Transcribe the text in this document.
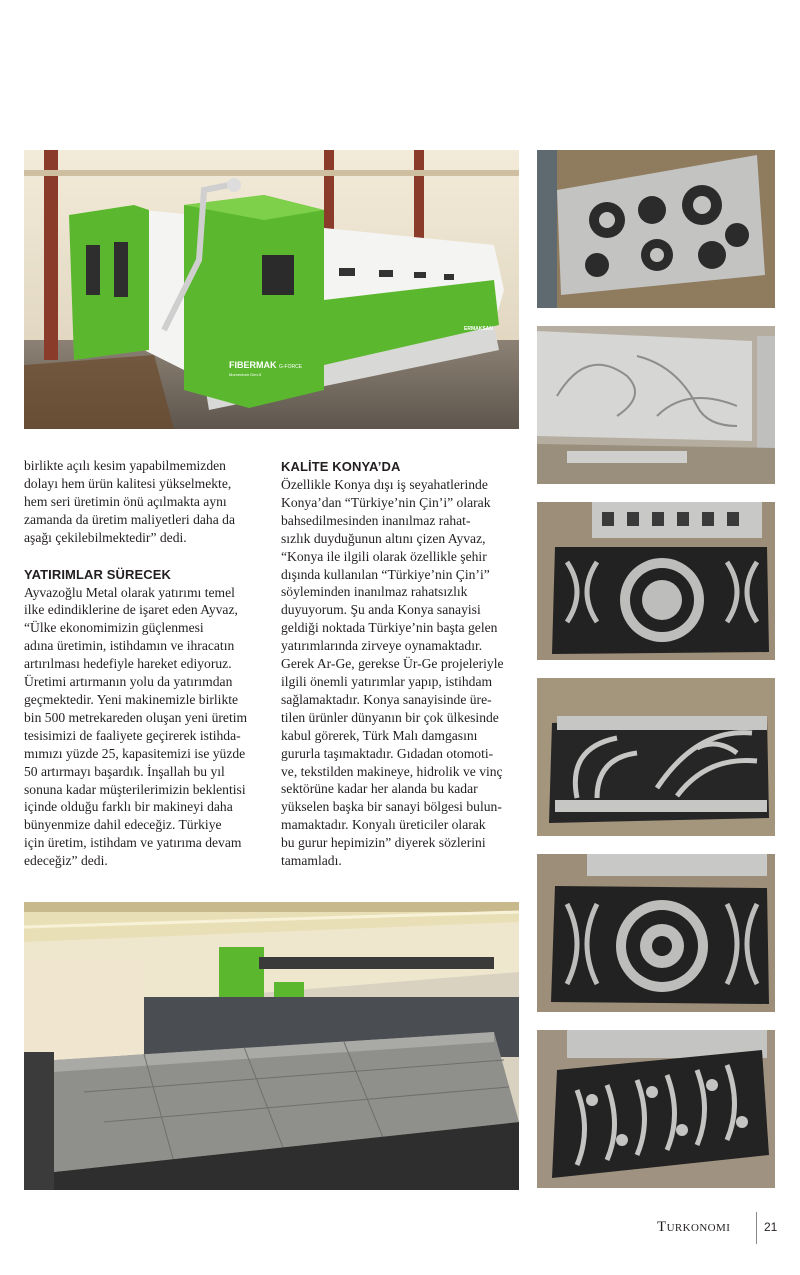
FIBERMAK
Momentum Gen-5
G-FORCE
ERMAKSAN

birlikte açılı kesim yapabilmemizden

dolayı hem ürün kalitesi yükselmekte,

hem seri üretimin önü açılmakta aynı

zamanda da üretim maliyetleri daha da

aşağı çekilebilmektedir” dedi.

YATIRIMLAR SÜRECEK

Ayvazoğlu Metal olarak yatırımı temel

ilke edindiklerine de işaret eden Ayvaz,

“Ülke ekonomimizin güçlenmesi

adına üretimin, istihdamın ve ihracatın

artırılması hedefiyle hareket ediyoruz.

Üretimi artırmanın yolu da yatırımdan

geçmektedir. Yeni makinemizle birlikte

bin 500 metrekareden oluşan yeni üretim

tesisimizi de faaliyete geçirerek istihda-

mımızı yüzde 25, kapasitemizi ise yüzde

50 artırmayı başardık. İnşallah bu yıl

sonuna kadar müşterilerimizin beklentisi

içinde olduğu farklı bir makineyi daha

bünyenmize dahil edeceğiz. Türkiye

için üretim, istihdam ve yatırıma devam

edeceğiz” dedi.

KALİTE KONYA’DA

Özellikle Konya dışı iş seyahatlerinde

Konya’dan “Türkiye’nin Çin’i” olarak

bahsedilmesinden inanılmaz rahat-

sızlık duyduğunun altını çizen Ayvaz,

“Konya ile ilgili olarak özellikle şehir

dışında kullanılan “Türkiye’nin Çin’i”

söyleminden inanılmaz rahatsızlık

duyuyorum. Şu anda Konya sanayisi

geldiği noktada Türkiye’nin başta gelen

yatırımlarında zirveye oynamaktadır.

Gerek Ar-Ge, gerekse Ür-Ge projeleriyle

ilgili önemli yatırımlar yapıp, istihdam

sağlamaktadır. Konya sanayisinde üre-

tilen ürünler dünyanın bir çok ülkesinde

kabul görerek, Türk Malı damgasını

gururla taşımaktadır. Gıdadan otomoti-

ve, tekstilden makineye, hidrolik ve vinç

sektörüne kadar her alanda bu kadar

yükselen başka bir sanayi bölgesi bulun-

mamaktadır. Konyalı üreticiler olarak

bu gurur hepimizin” diyerek sözlerini

tamamladı.

Turkonomi	21
